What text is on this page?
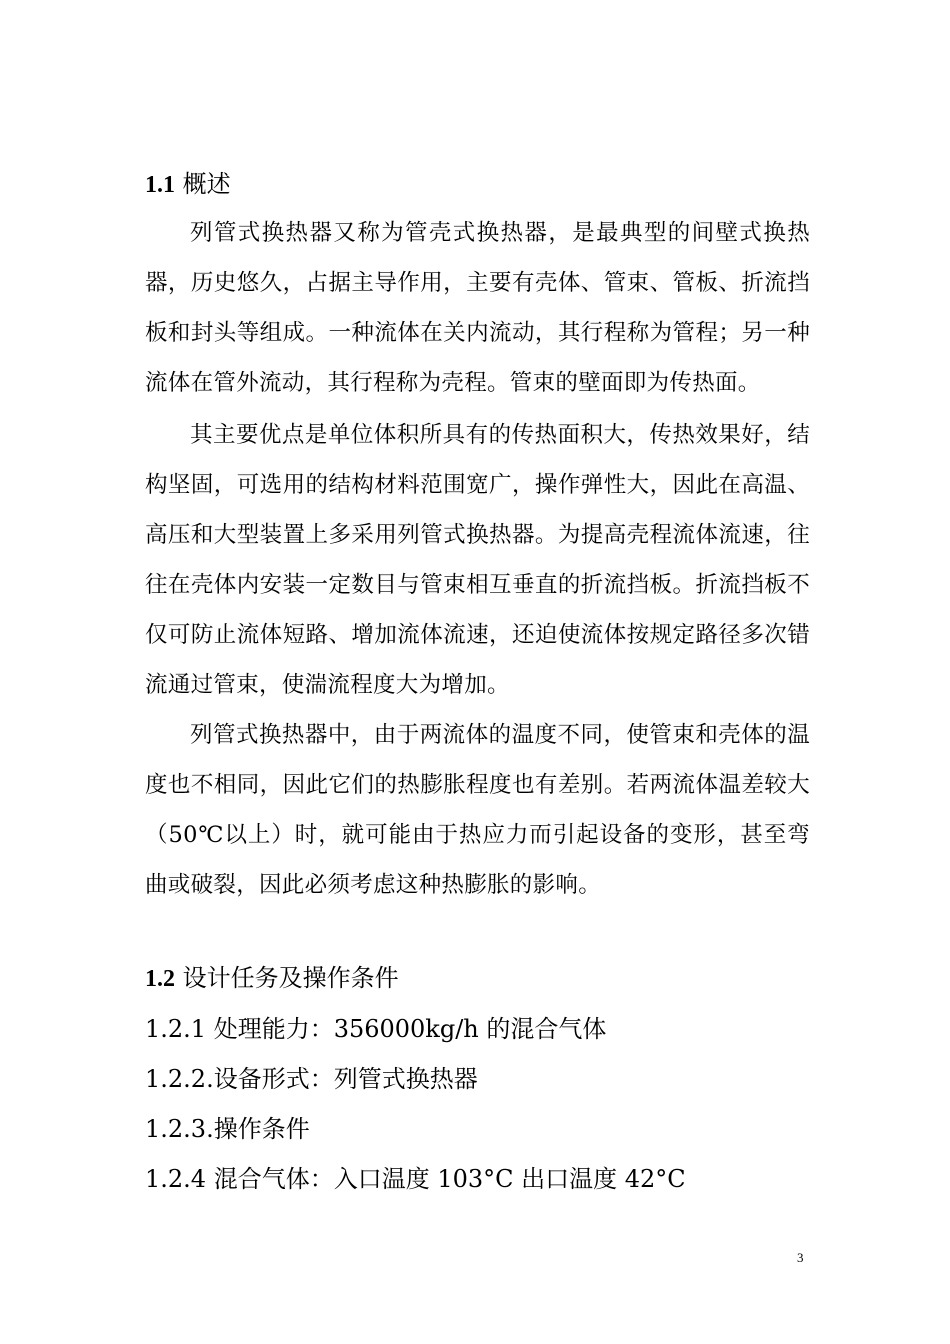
1.1 概述

列管式换热器又称为管壳式换热器，是最典型的间壁式换热器，历史悠久，占据主导作用，主要有壳体、管束、管板、折流挡板和封头等组成。一种流体在关内流动，其行程称为管程；另一种流体在管外流动，其行程称为壳程。管束的壁面即为传热面。

其主要优点是单位体积所具有的传热面积大，传热效果好，结构坚固，可选用的结构材料范围宽广，操作弹性大，因此在高温、高压和大型装置上多采用列管式换热器。为提高壳程流体流速，往往在壳体内安装一定数目与管束相互垂直的折流挡板。折流挡板不仅可防止流体短路、增加流体流速，还迫使流体按规定路径多次错流通过管束，使湍流程度大为增加。

列管式换热器中，由于两流体的温度不同，使管束和壳体的温度也不相同，因此它们的热膨胀程度也有差别。若两流体温差较大（50℃以上）时，就可能由于热应力而引起设备的变形，甚至弯曲或破裂，因此必须考虑这种热膨胀的影响。

1.2 设计任务及操作条件
1.2.1 处理能力：356000kg/h 的混合气体
1.2.2.设备形式：列管式换热器
1.2.3.操作条件
1.2.4 混合气体：入口温度 103°C 出口温度 42°C
3
